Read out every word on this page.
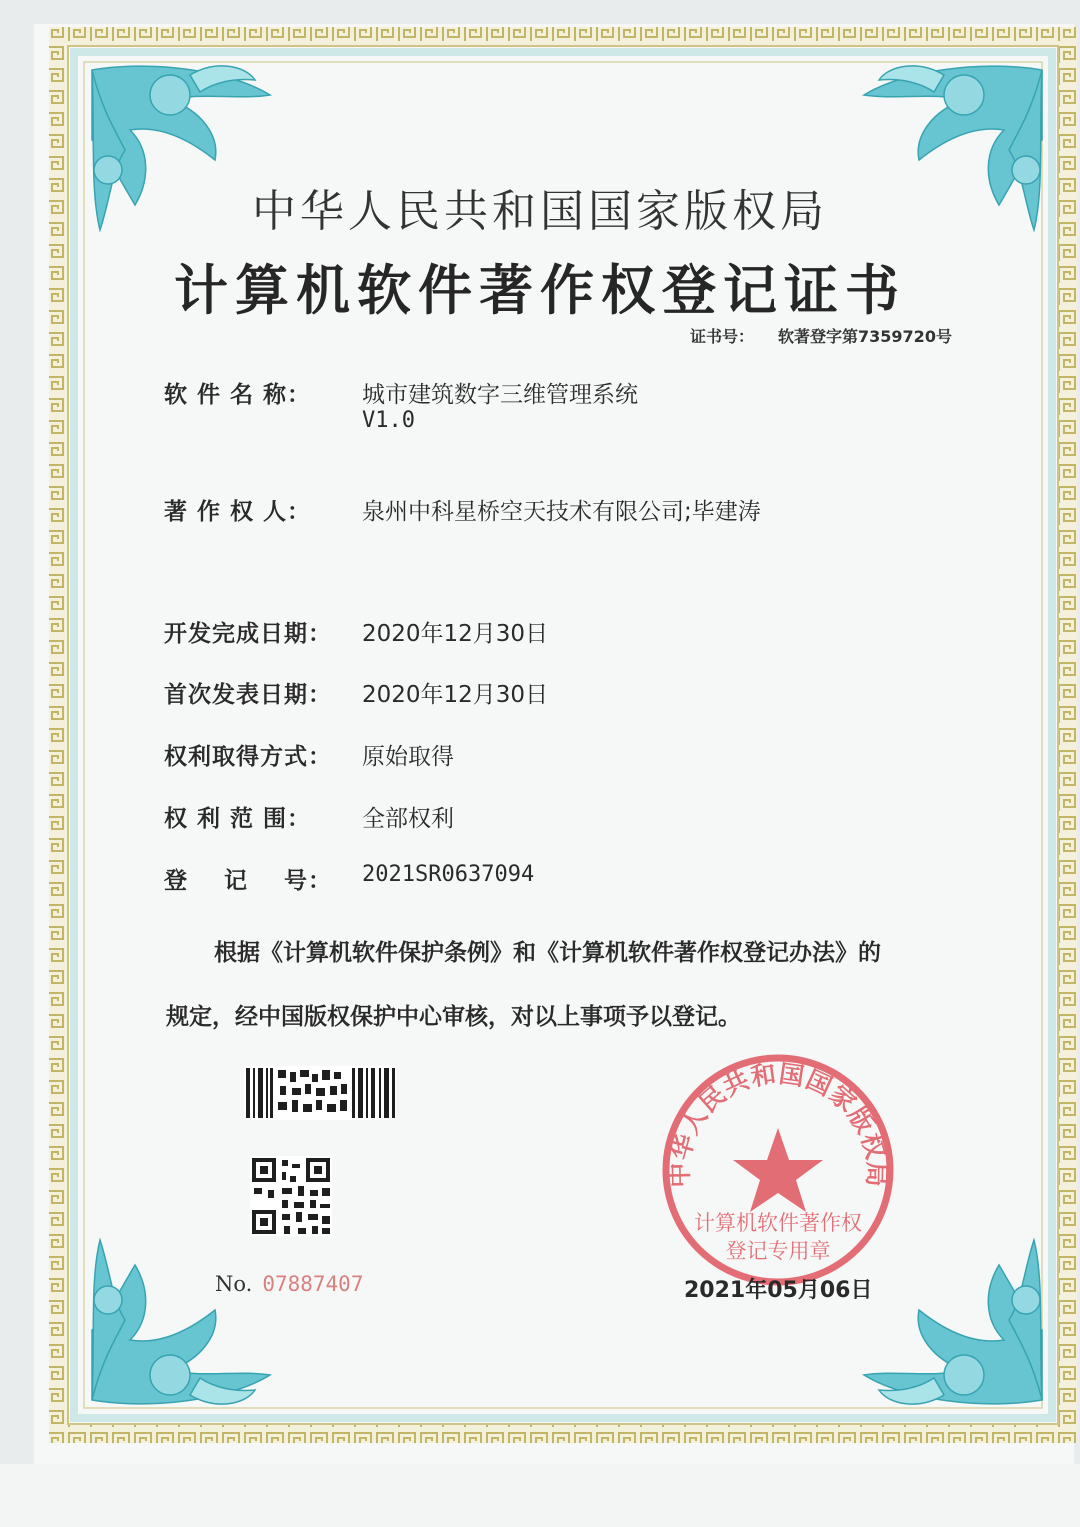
中华人民共和国国家版权局
计算机软件著作权
登记专用章
中华人民共和国国家版权局
计算机软件著作权登记证书
证书号： 软著登字第7359720号
软 件 名 称： 城市建筑数字三维管理系统
V1.0
著 作 权 人： 泉州中科星桥空天技术有限公司;毕建涛
开发完成日期： 2020年12月30日
首次发表日期： 2020年12月30日
权利取得方式： 原始取得
权 利 范 围： 全部权利
登    记    号： 2021SR0637094
根据《计算机软件保护条例》和《计算机软件著作权登记办法》的
规定，经中国版权保护中心审核，对以上事项予以登记。
No. 07887407	2021年05月06日
